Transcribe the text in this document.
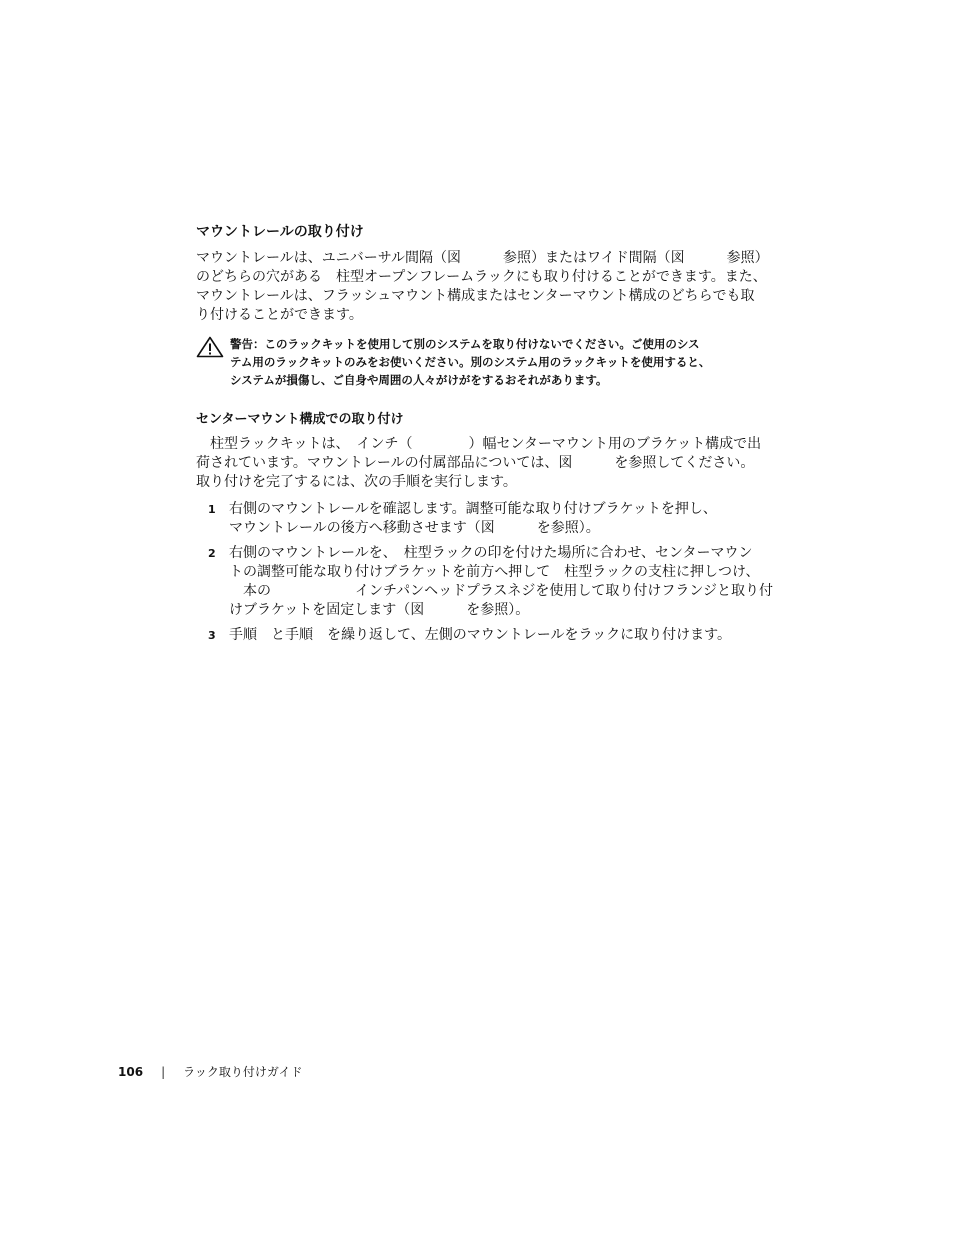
マウントレールの取り付け

マウントレールは、ユニバーサル間隔（図　　　参照）またはワイド間隔（図　　　参照）

のどちらの穴がある　柱型オープンフレームラックにも取り付けることができます。また、

マウントレールは、フラッシュマウント構成またはセンターマウント構成のどちらでも取

り付けることができます。

警告：このラックキットを使用して別のシステムを取り付けないでください。ご使用のシス

テム用のラックキットのみをお使いください。別のシステム用のラックキットを使用すると、

システムが損傷し、ご自身や周囲の人々がけがをするおそれがあります。

センターマウント構成での取り付け

　柱型ラックキットは、　インチ（　　　　）幅センターマウント用のブラケット構成で出

荷されています。マウントレールの付属部品については、図　　　を参照してください。

取り付けを完了するには、次の手順を実行します。

1 右側のマウントレールを確認します。調整可能な取り付けブラケットを押し、
マウントレールの後方へ移動させます（図　　　を参照）。
2 右側のマウントレールを、　柱型ラックの印を付けた場所に合わせ、センターマウン
トの調整可能な取り付けブラケットを前方へ押して　柱型ラックの支柱に押しつけ、
　本の　　　　　　インチパンヘッドプラスネジを使用して取り付けフランジと取り付
けブラケットを固定します（図　　　を参照）。
3 手順　と手順　を繰り返して、左側のマウントレールをラックに取り付けます。
106 | ラック取り付けガイド
